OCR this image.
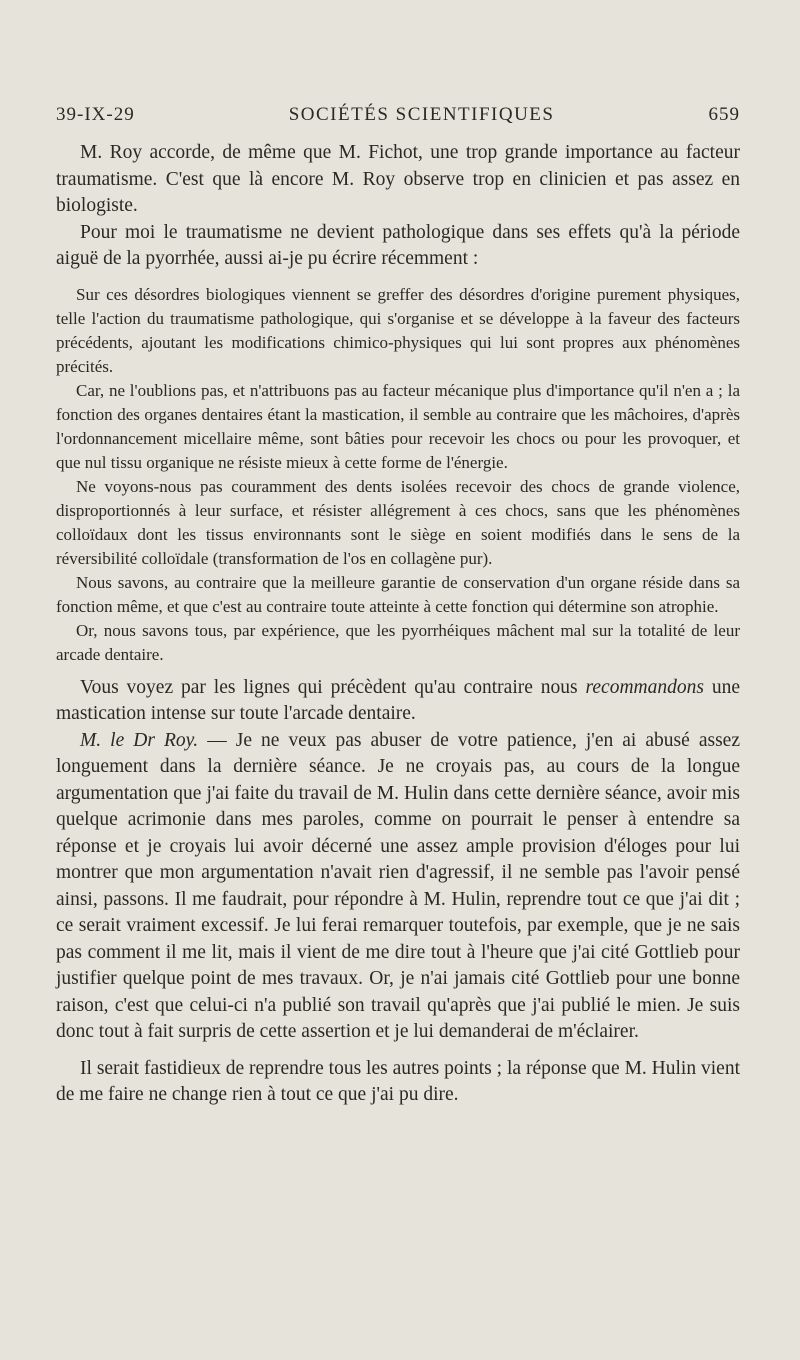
39-IX-29	SOCIÉTÉS SCIENTIFIQUES	659

M. Roy accorde, de même que M. Fichot, une trop grande importance au facteur traumatisme. C'est que là encore M. Roy observe trop en clinicien et pas assez en biologiste.

Pour moi le traumatisme ne devient pathologique dans ses effets qu'à la période aiguë de la pyorrhée, aussi ai-je pu écrire récemment :

Sur ces désordres biologiques viennent se greffer des désordres d'origine purement physiques, telle l'action du traumatisme pathologique, qui s'organise et se développe à la faveur des facteurs précédents, ajoutant les modifications chimico-physiques qui lui sont propres aux phénomènes précités.

Car, ne l'oublions pas, et n'attribuons pas au facteur mécanique plus d'importance qu'il n'en a ; la fonction des organes dentaires étant la mastication, il semble au contraire que les mâchoires, d'après l'ordonnancement micellaire même, sont bâties pour recevoir les chocs ou pour les provoquer, et que nul tissu organique ne résiste mieux à cette forme de l'énergie.

Ne voyons-nous pas couramment des dents isolées recevoir des chocs de grande violence, disproportionnés à leur surface, et résister allégrement à ces chocs, sans que les phénomènes colloïdaux dont les tissus environnants sont le siège en soient modifiés dans le sens de la réversibilité colloïdale (transformation de l'os en collagène pur).

Nous savons, au contraire que la meilleure garantie de conservation d'un organe réside dans sa fonction même, et que c'est au contraire toute atteinte à cette fonction qui détermine son atrophie.

Or, nous savons tous, par expérience, que les pyorrhéiques mâchent mal sur la totalité de leur arcade dentaire.

Vous voyez par les lignes qui précèdent qu'au contraire nous recommandons une mastication intense sur toute l'arcade dentaire.

M. le Dr Roy. — Je ne veux pas abuser de votre patience, j'en ai abusé assez longuement dans la dernière séance. Je ne croyais pas, au cours de la longue argumentation que j'ai faite du travail de M. Hulin dans cette dernière séance, avoir mis quelque acrimonie dans mes paroles, comme on pourrait le penser à entendre sa réponse et je croyais lui avoir décerné une assez ample provision d'éloges pour lui montrer que mon argumentation n'avait rien d'agressif, il ne semble pas l'avoir pensé ainsi, passons. Il me faudrait, pour répondre à M. Hulin, reprendre tout ce que j'ai dit ; ce serait vraiment excessif. Je lui ferai remarquer toutefois, par exemple, que je ne sais pas comment il me lit, mais il vient de me dire tout à l'heure que j'ai cité Gottlieb pour justifier quelque point de mes travaux. Or, je n'ai jamais cité Gottlieb pour une bonne raison, c'est que celui-ci n'a publié son travail qu'après que j'ai publié le mien. Je suis donc tout à fait surpris de cette assertion et je lui demanderai de m'éclairer.

Il serait fastidieux de reprendre tous les autres points ; la réponse que M. Hulin vient de me faire ne change rien à tout ce que j'ai pu dire.
